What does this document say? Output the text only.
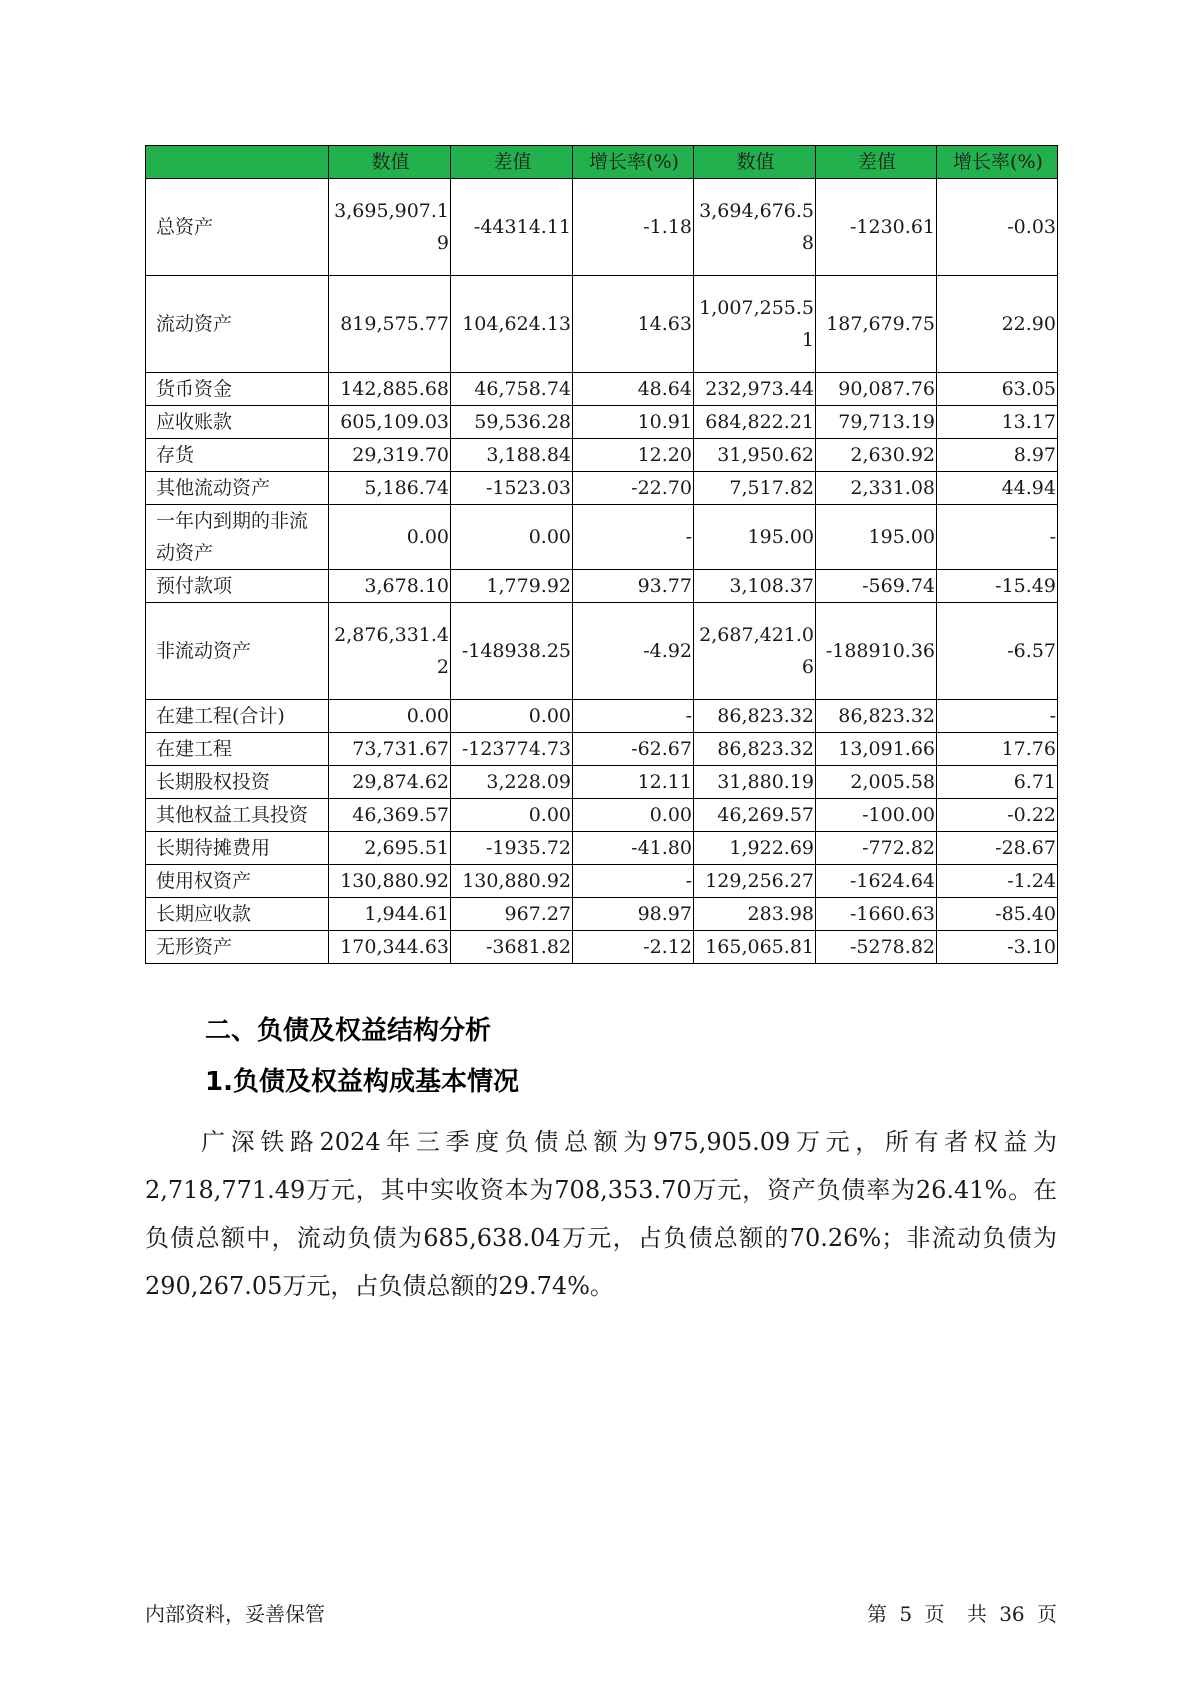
	数值	差值	增长率(%)	数值	差值	增长率(%)
总资产	3,695,907.19	-44314.11	-1.18	3,694,676.58	-1230.61	-0.03
流动资产	819,575.77	104,624.13	14.63	1,007,255.51	187,679.75	22.90
货币资金	142,885.68	46,758.74	48.64	232,973.44	90,087.76	63.05
应收账款	605,109.03	59,536.28	10.91	684,822.21	79,713.19	13.17
存货	29,319.70	3,188.84	12.20	31,950.62	2,630.92	8.97
其他流动资产	5,186.74	-1523.03	-22.70	7,517.82	2,331.08	44.94
一年内到期的非流动资产	0.00	0.00	-	195.00	195.00	-
预付款项	3,678.10	1,779.92	93.77	3,108.37	-569.74	-15.49
非流动资产	2,876,331.42	-148938.25	-4.92	2,687,421.06	-188910.36	-6.57
在建工程(合计)	0.00	0.00	-	86,823.32	86,823.32	-
在建工程	73,731.67	-123774.73	-62.67	86,823.32	13,091.66	17.76
长期股权投资	29,874.62	3,228.09	12.11	31,880.19	2,005.58	6.71
其他权益工具投资	46,369.57	0.00	0.00	46,269.57	-100.00	-0.22
长期待摊费用	2,695.51	-1935.72	-41.80	1,922.69	-772.82	-28.67
使用权资产	130,880.92	130,880.92	-	129,256.27	-1624.64	-1.24
长期应收款	1,944.61	967.27	98.97	283.98	-1660.63	-85.40
无形资产	170,344.63	-3681.82	-2.12	165,065.81	-5278.82	-3.10
二、负债及权益结构分析
1.负债及权益构成基本情况

广深铁路2024年三季度负债总额为975,905.09万元，所有者权益为2,718,771.49万元，其中实收资本为708,353.70万元，资产负债率为26.41%。在负债总额中，流动负债为685,638.04万元，占负债总额的70.26%；非流动负债为290,267.05万元，占负债总额的29.74%。

内部资料，妥善保管	第 5 页 共 36 页
